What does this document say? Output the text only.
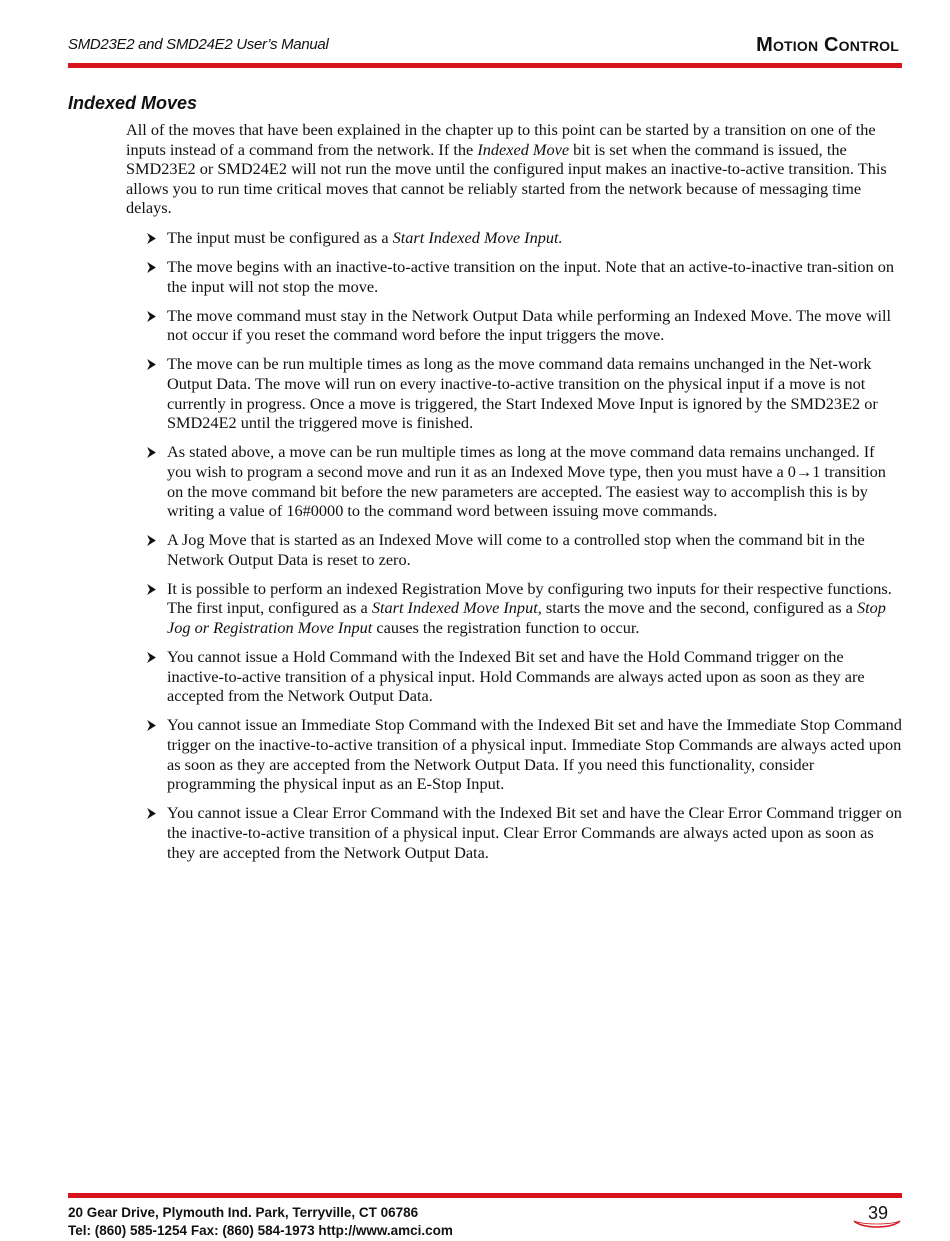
SMD23E2 and SMD24E2 User’s Manual	Motion Control
Indexed Moves

All of the moves that have been explained in the chapter up to this point can be started by a transition on one of the inputs instead of a command from the network. If the Indexed Move bit is set when the command is issued, the SMD23E2 or SMD24E2 will not run the move until the configured input makes an inactive-to-active transition. This allows you to run time critical moves that cannot be reliably started from the network because of messaging time delays.

The input must be configured as a Start Indexed Move Input.
The move begins with an inactive-to-active transition on the input. Note that an active-to-inactive tran-sition on the input will not stop the move.
The move command must stay in the Network Output Data while performing an Indexed Move. The move will not occur if you reset the command word before the input triggers the move.
The move can be run multiple times as long as the move command data remains unchanged in the Net-work Output Data. The move will run on every inactive-to-active transition on the physical input if a move is not currently in progress. Once a move is triggered, the Start Indexed Move Input is ignored by the SMD23E2 or SMD24E2 until the triggered move is finished.
As stated above, a move can be run multiple times as long at the move command data remains unchanged. If you wish to program a second move and run it as an Indexed Move type, then you must have a 0→1 transition on the move command bit before the new parameters are accepted. The easiest way to accomplish this is by writing a value of 16#0000 to the command word between issuing move commands.
A Jog Move that is started as an Indexed Move will come to a controlled stop when the command bit in the Network Output Data is reset to zero.
It is possible to perform an indexed Registration Move by configuring two inputs for their respective functions. The first input, configured as a Start Indexed Move Input, starts the move and the second, configured as a Stop Jog or Registration Move Input causes the registration function to occur.
You cannot issue a Hold Command with the Indexed Bit set and have the Hold Command trigger on the inactive-to-active transition of a physical input. Hold Commands are always acted upon as soon as they are accepted from the Network Output Data.
You cannot issue an Immediate Stop Command with the Indexed Bit set and have the Immediate Stop Command trigger on the inactive-to-active transition of a physical input. Immediate Stop Commands are always acted upon as soon as they are accepted from the Network Output Data. If you need this functionality, consider programming the physical input as an E-Stop Input.
You cannot issue a Clear Error Command with the Indexed Bit set and have the Clear Error Command trigger on the inactive-to-active transition of a physical input. Clear Error Commands are always acted upon as soon as they are accepted from the Network Output Data.
20 Gear Drive, Plymouth Ind. Park, Terryville, CT 06786
Tel: (860) 585-1254 Fax: (860) 584-1973 http://www.amci.com
39
